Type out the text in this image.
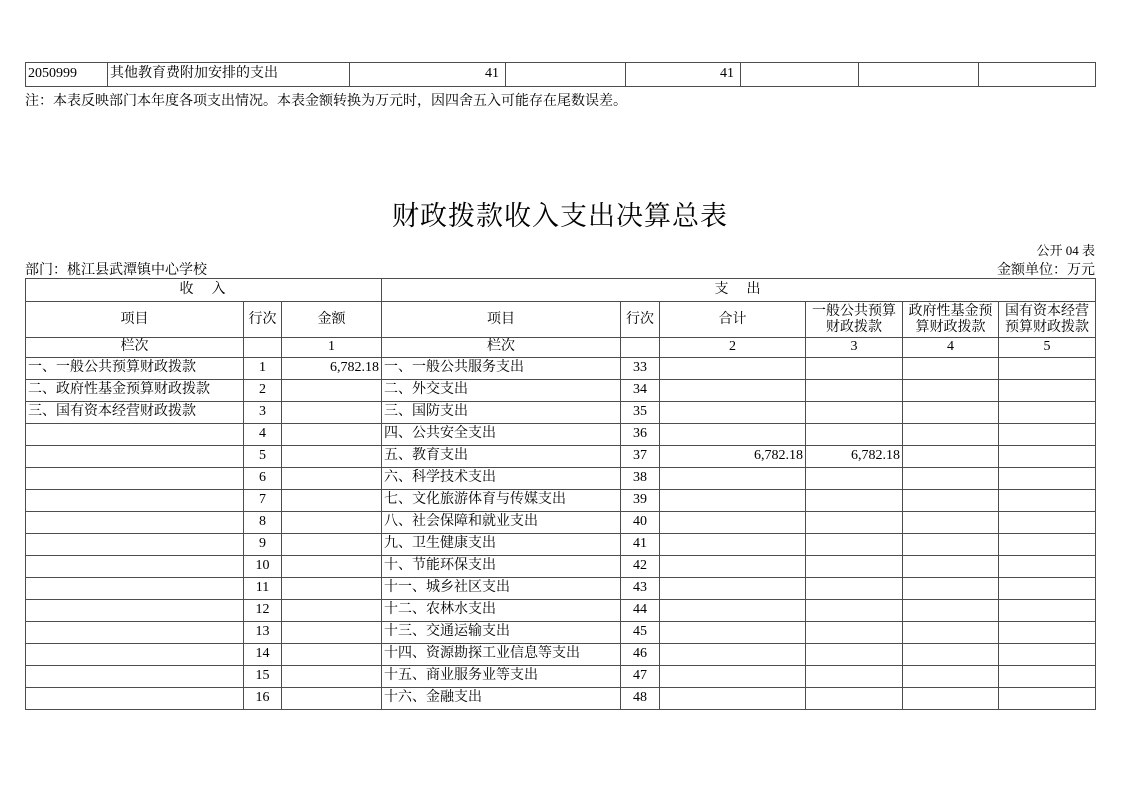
2050999	其他教育费附加安排的支出	41		41			
注：本表反映部门本年度各项支出情况。本表金额转换为万元时，因四舍五入可能存在尾数误差。
财政拨款收入支出决算总表
公开 04 表
部门：桃江县武潭镇中心学校	金额单位：万元
收　入			支　出					
项目	行次	金额	项目	行次	合计	一般公共预算财政拨款	政府性基金预算财政拨款	国有资本经营预算财政拨款
栏次		1	栏次		2	3	4	5
一、一般公共预算财政拨款	1	6,782.18	一、一般公共服务支出	33				
二、政府性基金预算财政拨款	2		二、外交支出	34				
三、国有资本经营财政拨款	3		三、国防支出	35				
	4		四、公共安全支出	36				
	5		五、教育支出	37	6,782.18	6,782.18		
	6		六、科学技术支出	38				
	7		七、文化旅游体育与传媒支出	39				
	8		八、社会保障和就业支出	40				
	9		九、卫生健康支出	41				
	10		十、节能环保支出	42				
	11		十一、城乡社区支出	43				
	12		十二、农林水支出	44				
	13		十三、交通运输支出	45				
	14		十四、资源勘探工业信息等支出	46				
	15		十五、商业服务业等支出	47				
	16		十六、金融支出	48				
